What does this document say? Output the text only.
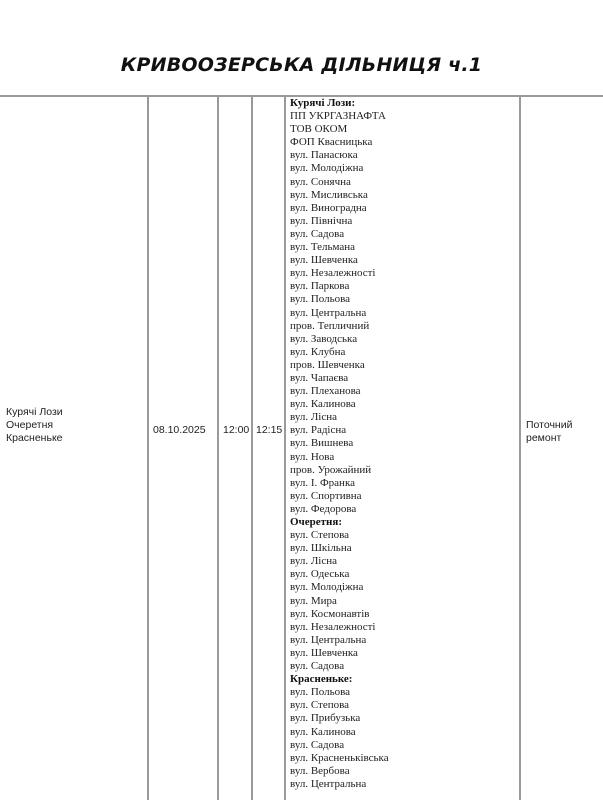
КРИВООЗЕРСЬКА ДІЛЬНИЦЯ ч.1
Курячі Лози
Очеретня
Красненьке
08.10.2025 12:00 12:15
Курячі Лози:
ПП УКРГАЗНАФТА
ТОВ ОКОМ
ФОП Квасницька
вул. Панасюка
вул. Молодіжна
вул. Сонячна
вул. Мисливська
вул. Виноградна
вул. Північна
вул. Садова
вул. Тельмана
вул. Шевченка
вул. Незалежності
вул. Паркова
вул. Польова
вул. Центральна
пров. Тепличний
вул. Заводська
вул. Клубна
пров. Шевченка
вул. Чапаєва
вул. Плеханова
вул. Калинова
вул. Лісна
вул. Радісна
вул. Вишнева
вул. Нова
пров. Урожайний
вул. І. Франка
вул. Спортивна
вул. Федорова
Очеретня:
вул. Степова
вул. Шкільна
вул. Лісна
вул. Одеська
вул. Молодіжна
вул. Мира
вул. Космонавтів
вул. Незалежності
вул. Центральна
вул. Шевченка
вул. Садова
Красненьке:
вул. Польова
вул. Степова
вул. Прибузька
вул. Калинова
вул. Садова
вул. Красненьківська
вул. Вербова
вул. Центральна
Поточний
ремонт
